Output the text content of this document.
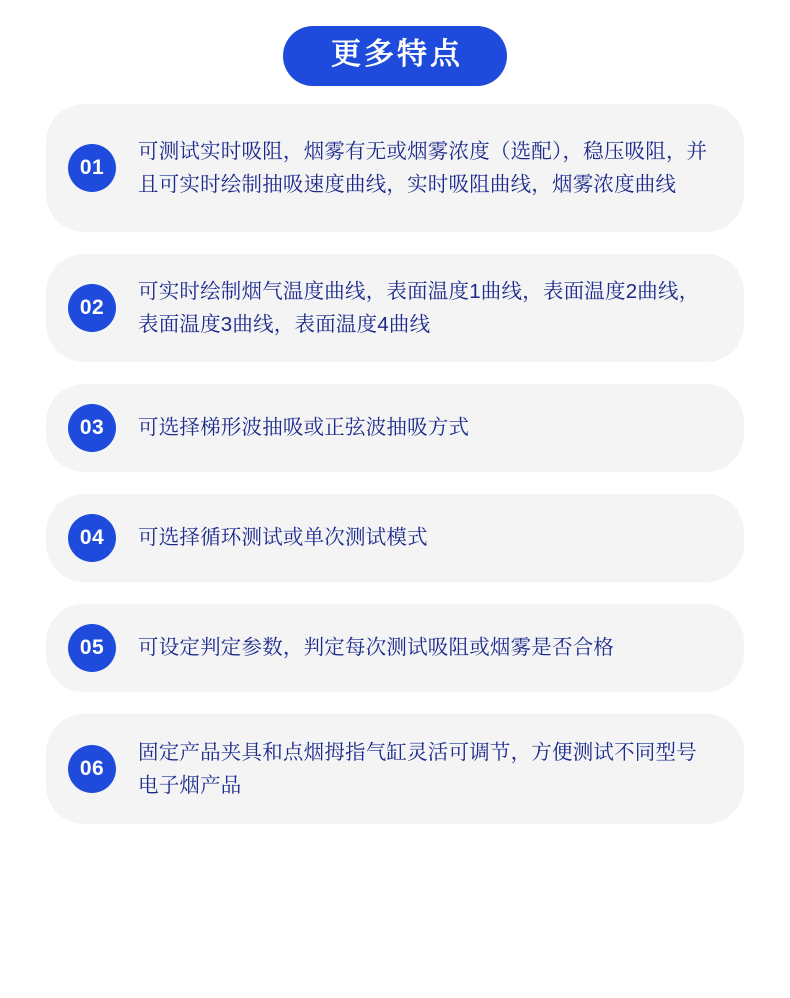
更多特点
01
可测试实时吸阻，烟雾有无或烟雾浓度（选配），稳压吸阻，并且可实时绘制抽吸速度曲线，实时吸阻曲线，烟雾浓度曲线
02
可实时绘制烟气温度曲线，表面温度1曲线，表面温度2曲线，表面温度3曲线，表面温度4曲线
03	可选择梯形波抽吸或正弦波抽吸方式
04	可选择循环测试或单次测试模式
05	可设定判定参数，判定每次测试吸阻或烟雾是否合格
06
固定产品夹具和点烟拇指气缸灵活可调节，方便测试不同型号电子烟产品
